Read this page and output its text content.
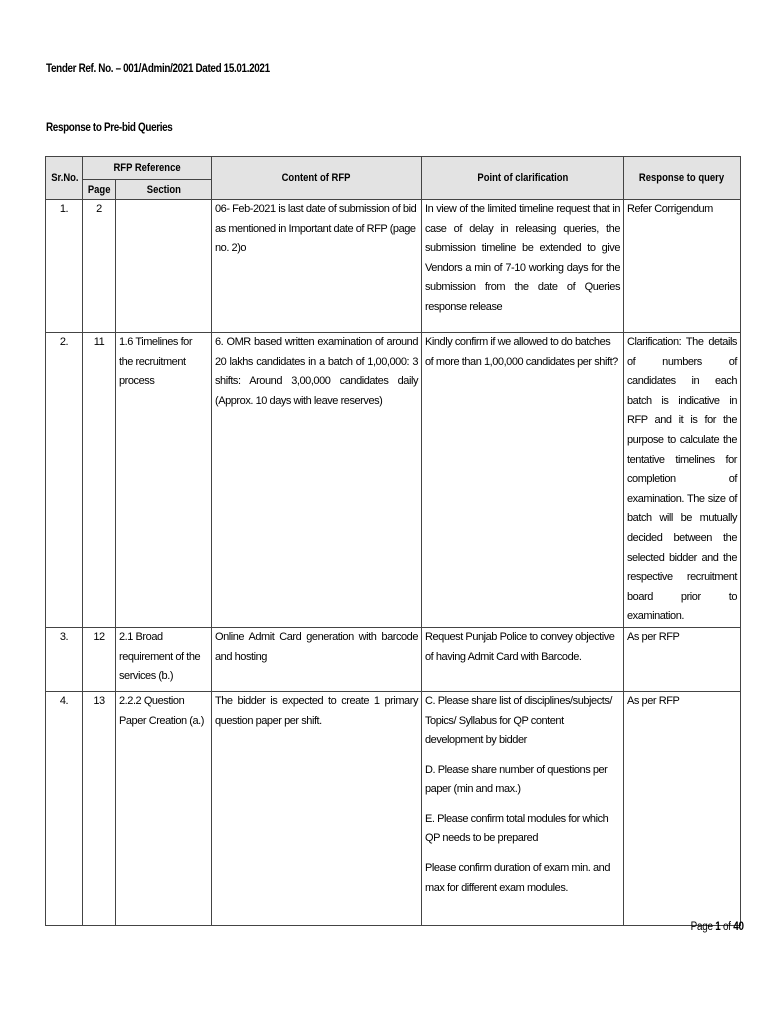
Tender Ref. No. – 001/Admin/2021 Dated 15.01.2021
Response to Pre-bid Queries
Sr.No.	RFP Reference		Content of RFP	Point of clarification	Response to query
	Page	Section			
1.	2		06- Feb-2021 is last date of submission of bid as mentioned in Important date of RFP (page no. 2)o	In view of the limited timeline request that in case of delay in releasing queries, the submission timeline be extended to give Vendors a min of 7-10 working days for the submission from the date of Queries response release	Refer Corrigendum
2.	11	1.6 Timelines for the recruitment process	6. OMR based written examination of around 20 lakhs candidates in a batch of 1,00,000: 3 shifts: Around 3,00,000 candidates daily (Approx. 10 days with leave reserves)	Kindly confirm if we allowed to do batches of more than 1,00,000 candidates per shift?	Clarification: The details of numbers of candidates in each batch is indicative in RFP and it is for the purpose to calculate the tentative timelines for completion of examination. The size of batch will be mutually decided between the selected bidder and the respective recruitment board prior to examination.
3.	12	2.1 Broad requirement of the services (b.)	Online Admit Card generation with barcode and hosting	Request Punjab Police to convey objective of having Admit Card with Barcode.	As per RFP
4.	13	2.2.2 Question Paper Creation (a.)	The bidder is expected to create 1 primary question paper per shift.	C. Please share list of disciplines/subjects/ Topics/ Syllabus for QP content development by bidder

D. Please share number of questions per paper (min and max.)

E. Please confirm total modules for which QP needs to be prepared

Please confirm duration of exam min. and max for different exam modules.	As per RFP
Page 1 of 40
